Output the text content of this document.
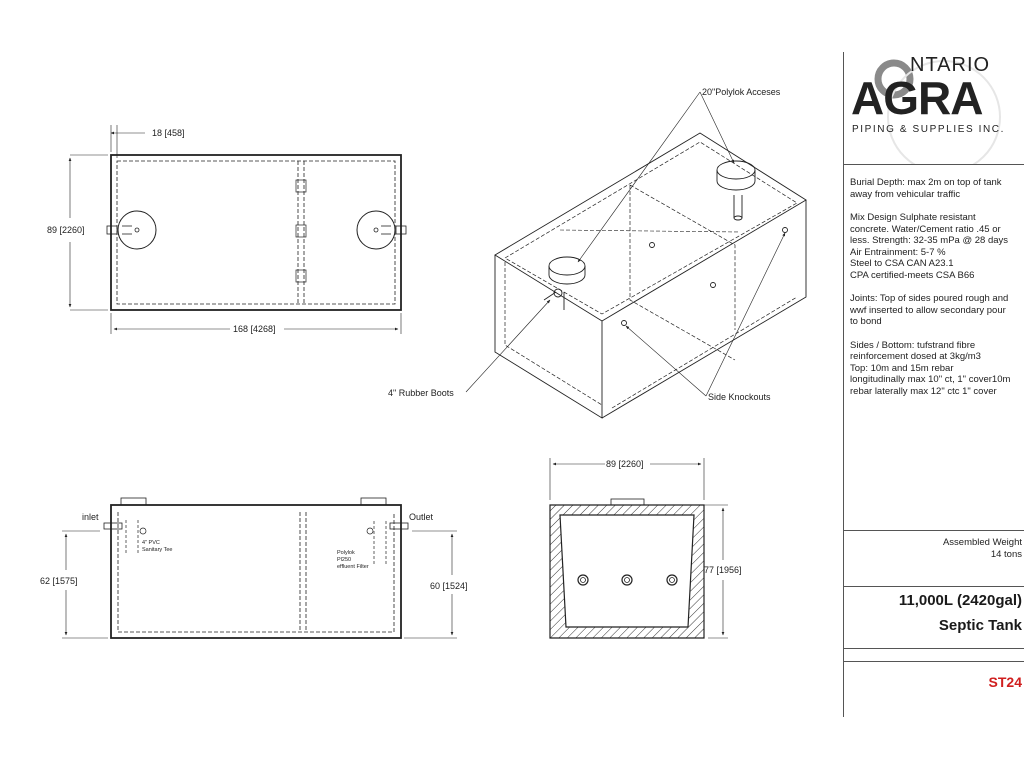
18 [458]
89 [2260]
168 [4268]
20"Polylok Acceses
4" Rubber Boots	Side Knockouts
inlet	Outlet
4" PVC
Sanitary Tee	Polylok
Pl250
effluent Filter
62 [1575]	60 [1524]
89 [2260]
77 [1956]
NTARIO
AGRA
PIPING & SUPPLIES INC.

Burial Depth: max 2m on top of tank
away from vehicular traffic

Mix Design Sulphate resistant
concrete. Water/Cement ratio .45 or
less. Strength: 32-35 mPa @ 28 days
Air Entrainment: 5-7 %
Steel to CSA CAN A23.1
CPA certified-meets CSA B66

Joints: Top of sides poured rough and
wwf inserted to allow secondary pour
to bond

Sides / Bottom: tufstrand fibre
reinforcement dosed at 3kg/m3
Top: 10m and 15m rebar
longitudinally max 10" ct, 1" cover10m
rebar laterally max 12" ctc 1" cover

Assembled Weight
14 tons
11,000L (2420gal)
Septic Tank
ST24
